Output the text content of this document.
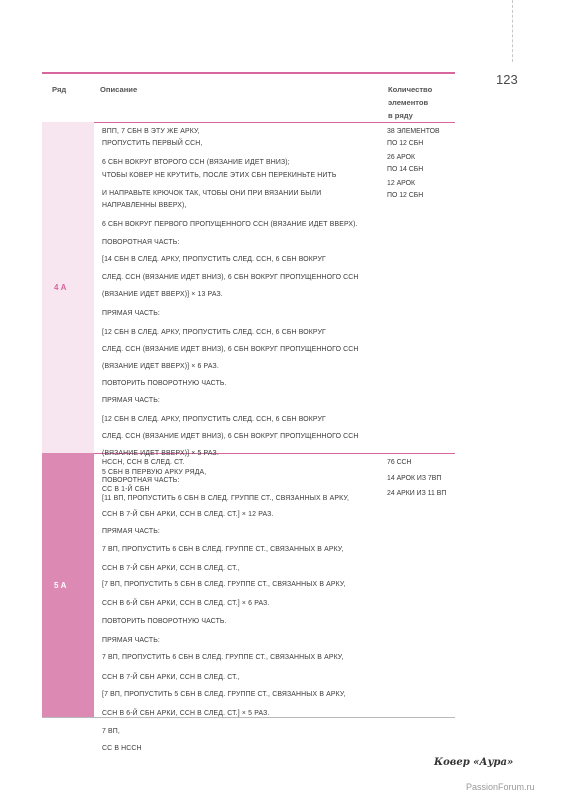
123
Ряд	Описание	Количество
элементов
в ряду
4 А
5 А
ВПП, 7 СБН В ЭТУ ЖЕ АРКУ,
ПРОПУСТИТЬ ПЕРВЫЙ ССН,
6 СБН ВОКРУГ ВТОРОГО ССН (ВЯЗАНИЕ ИДЕТ ВНИЗ);
ЧТОБЫ КОВЕР НЕ КРУТИТЬ, ПОСЛЕ ЭТИХ СБН ПЕРЕКИНЬТЕ НИТЬ
И НАПРАВЬТЕ КРЮЧОК ТАК, ЧТОБЫ ОНИ ПРИ ВЯЗАНИИ БЫЛИ
НАПРАВЛЕННЫ ВВЕРХ),
6 СБН ВОКРУГ ПЕРВОГО ПРОПУЩЕННОГО ССН (ВЯЗАНИЕ ИДЕТ ВВЕРХ).
ПОВОРОТНАЯ ЧАСТЬ:
[14 СБН В СЛЕД. АРКУ, ПРОПУСТИТЬ СЛЕД. ССН, 6 СБН ВОКРУГ
СЛЕД. ССН (ВЯЗАНИЕ ИДЕТ ВНИЗ), 6 СБН ВОКРУГ ПРОПУЩЕННОГО ССН
(ВЯЗАНИЕ ИДЕТ ВВЕРХ)] × 13 РАЗ.
ПРЯМАЯ ЧАСТЬ:
[12 СБН В СЛЕД. АРКУ, ПРОПУСТИТЬ СЛЕД. ССН, 6 СБН ВОКРУГ
СЛЕД. ССН (ВЯЗАНИЕ ИДЕТ ВНИЗ), 6 СБН ВОКРУГ ПРОПУЩЕННОГО ССН
(ВЯЗАНИЕ ИДЕТ ВВЕРХ)] × 6 РАЗ.
ПОВТОРИТЬ ПОВОРОТНУЮ ЧАСТЬ.
ПРЯМАЯ ЧАСТЬ:
[12 СБН В СЛЕД. АРКУ, ПРОПУСТИТЬ СЛЕД. ССН, 6 СБН ВОКРУГ
СЛЕД. ССН (ВЯЗАНИЕ ИДЕТ ВНИЗ), 6 СБН ВОКРУГ ПРОПУЩЕННОГО ССН
(ВЯЗАНИЕ ИДЕТ ВВЕРХ)] × 5 РАЗ.
5 СБН В ПЕРВУЮ АРКУ РЯДА,
СС В 1-Й СБН
38 ЭЛЕМЕНТОВ
ПО 12 СБН
26 АРОК
ПО 14 СБН
12 АРОК
ПО 12 СБН
НССН, ССН В СЛЕД. СТ.
ПОВОРОТНАЯ ЧАСТЬ:
[11 ВП, ПРОПУСТИТЬ 6 СБН В СЛЕД. ГРУППЕ СТ., СВЯЗАННЫХ В АРКУ,
ССН В 7-Й СБН АРКИ, ССН В СЛЕД. СТ.] × 12 РАЗ.
ПРЯМАЯ ЧАСТЬ:
7 ВП, ПРОПУСТИТЬ 6 СБН В СЛЕД. ГРУППЕ СТ., СВЯЗАННЫХ В АРКУ,
ССН В 7-Й СБН АРКИ, ССН В СЛЕД. СТ.,
[7 ВП, ПРОПУСТИТЬ 5 СБН В СЛЕД. ГРУППЕ СТ., СВЯЗАННЫХ В АРКУ,
ССН В 6-Й СБН АРКИ, ССН В СЛЕД. СТ.] × 6 РАЗ.
ПОВТОРИТЬ ПОВОРОТНУЮ ЧАСТЬ.
ПРЯМАЯ ЧАСТЬ:
7 ВП, ПРОПУСТИТЬ 6 СБН В СЛЕД. ГРУППЕ СТ., СВЯЗАННЫХ В АРКУ,
ССН В 7-Й СБН АРКИ, ССН В СЛЕД. СТ.,
[7 ВП, ПРОПУСТИТЬ 5 СБН В СЛЕД. ГРУППЕ СТ., СВЯЗАННЫХ В АРКУ,
ССН В 6-Й СБН АРКИ, ССН В СЛЕД. СТ.] × 5 РАЗ.
7 ВП,
СС В НССН
76 ССН
14 АРОК ИЗ 7ВП
24 АРКИ ИЗ 11 ВП
Ковер «Аура»
PassionForum.ru
